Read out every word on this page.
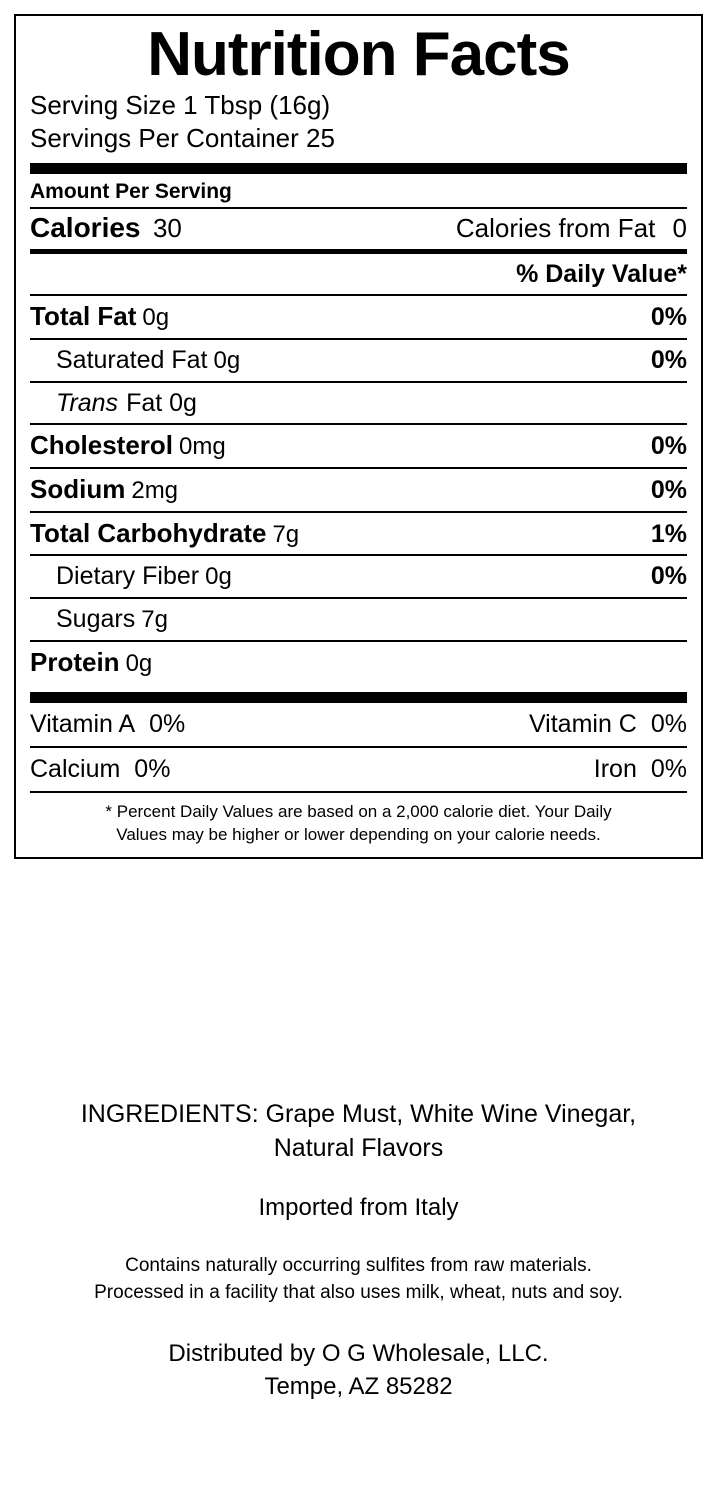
Nutrition Facts
Serving Size 1 Tbsp (16g)
Servings Per Container 25
Amount Per Serving
Calories 30	Calories from Fat 0
% Daily Value*
Total Fat 0g	0%
Saturated Fat 0g	0%
Trans Fat 0g
Cholesterol 0mg	0%
Sodium 2mg	0%
Total Carbohydrate 7g	1%
Dietary Fiber 0g	0%
Sugars 7g
Protein 0g
Vitamin A 0%	Vitamin C 0%
Calcium 0%	Iron 0%
* Percent Daily Values are based on a 2,000 calorie diet. Your Daily
Values may be higher or lower depending on your calorie needs.
INGREDIENTS: Grape Must, White Wine Vinegar,
Natural Flavors
Imported from Italy
Contains naturally occurring sulfites from raw materials.
Processed in a facility that also uses milk, wheat, nuts and soy.
Distributed by O G Wholesale, LLC.
Tempe, AZ 85282
